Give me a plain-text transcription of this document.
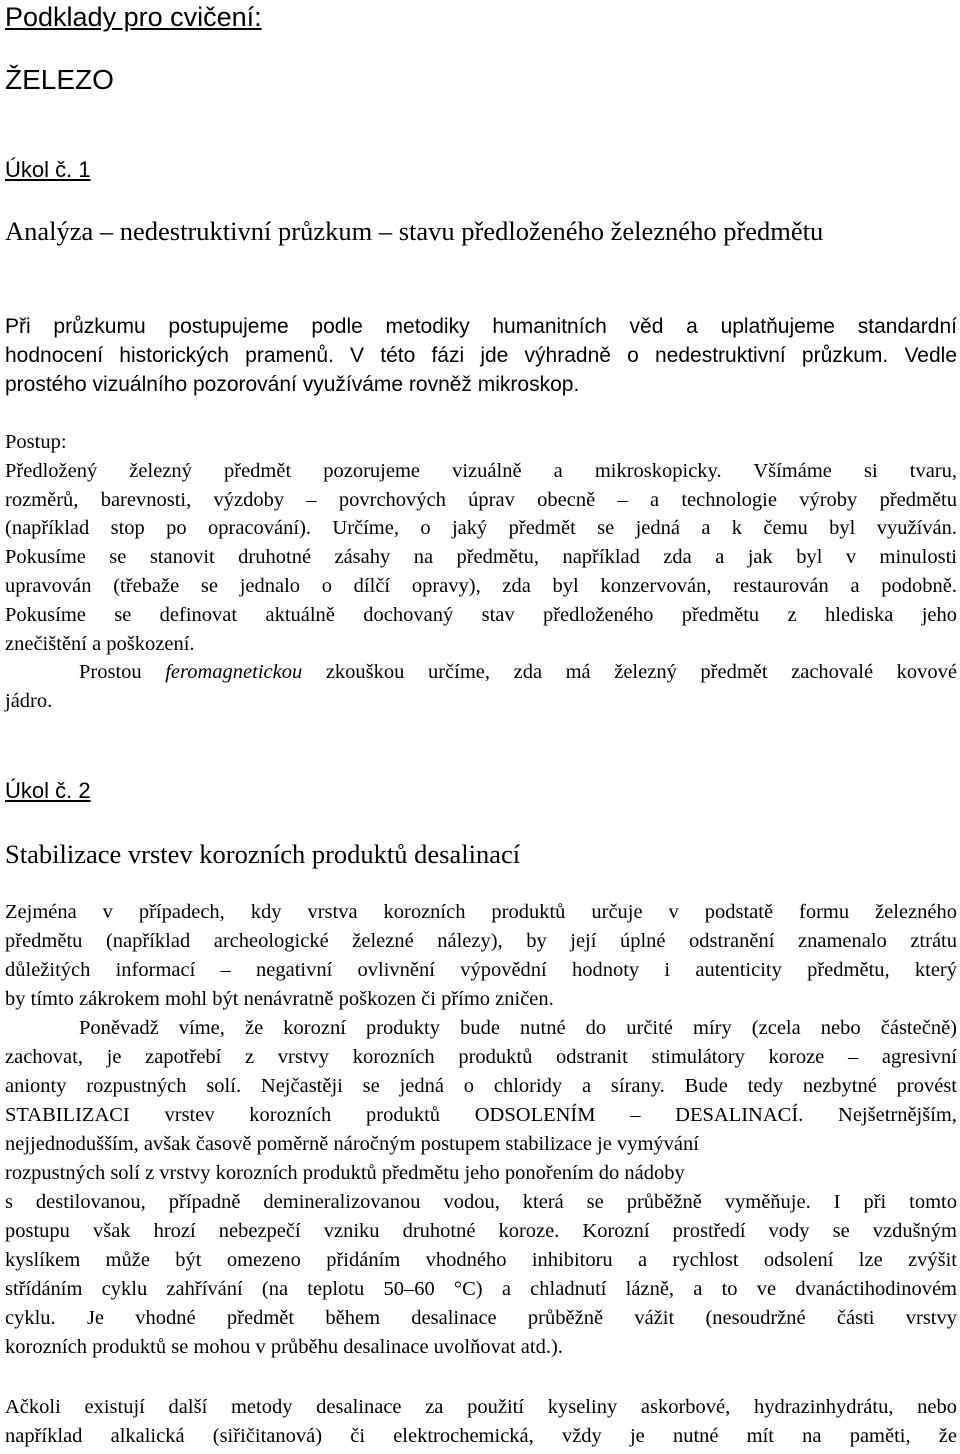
Podklady pro cvičení:
ŽELEZO
Úkol č. 1
Analýza – nedestruktivní průzkum – stavu předloženého železného předmětu
Při průzkumu postupujeme podle metodiky humanitních věd a uplatňujeme standardní
hodnocení historických pramenů. V této fázi jde výhradně o nedestruktivní průzkum. Vedle
prostého vizuálního pozorování využíváme rovněž mikroskop.
Postup:
Předložený železný předmět pozorujeme vizuálně a mikroskopicky. Všímáme si tvaru,
rozměrů, barevnosti, výzdoby – povrchových úprav obecně – a technologie výroby předmětu
(například stop po opracování). Určíme, o jaký předmět se jedná a k čemu byl využíván.
Pokusíme se stanovit druhotné zásahy na předmětu, například zda a jak byl v minulosti
upravován (třebaže se jednalo o dílčí opravy), zda byl konzervován, restaurován a podobně.
Pokusíme se definovat aktuálně dochovaný stav předloženého předmětu z hlediska jeho
znečištění a poškození.
Prostou feromagnetickou zkouškou určíme, zda má železný předmět zachovalé kovové
jádro.
Úkol č. 2
Stabilizace vrstev korozních produktů desalinací
Zejména v případech, kdy vrstva korozních produktů určuje v podstatě formu železného
předmětu (například archeologické železné nálezy), by její úplné odstranění znamenalo ztrátu
důležitých informací – negativní ovlivnění výpovědní hodnoty i autenticity předmětu, který
by tímto zákrokem mohl být nenávratně poškozen či přímo zničen.
Poněvadž víme, že korozní produkty bude nutné do určité míry (zcela nebo částečně)
zachovat, je zapotřebí z vrstvy korozních produktů odstranit stimulátory koroze – agresivní
anionty rozpustných solí. Nejčastěji se jedná o chloridy a sírany. Bude tedy nezbytné provést
STABILIZACI vrstev korozních produktů ODSOLENÍM – DESALINACÍ. Nejšetrnějším,
nejjednodušším, avšak časově poměrně náročným postupem stabilizace je vymývání
rozpustných solí z vrstvy korozních produktů předmětu jeho ponořením do nádoby
s destilovanou, případně demineralizovanou vodou, která se průběžně vyměňuje. I při tomto
postupu však hrozí nebezpečí vzniku druhotné koroze. Korozní prostředí vody se vzdušným
kyslíkem může být omezeno přidáním vhodného inhibitoru a rychlost odsolení lze zvýšit
střídáním cyklu zahřívání (na teplotu 50–60 °C) a chladnutí lázně, a to ve dvanáctihodinovém
cyklu. Je vhodné předmět během desalinace průběžně vážit (nesoudržné části vrstvy
korozních produktů se mohou v průběhu desalinace uvolňovat atd.).
Ačkoli existují další metody desalinace za použití kyseliny askorbové, hydrazinhydrátu, nebo
například alkalická (siřičitanová) či elektrochemická, vždy je nutné mít na paměti, že
